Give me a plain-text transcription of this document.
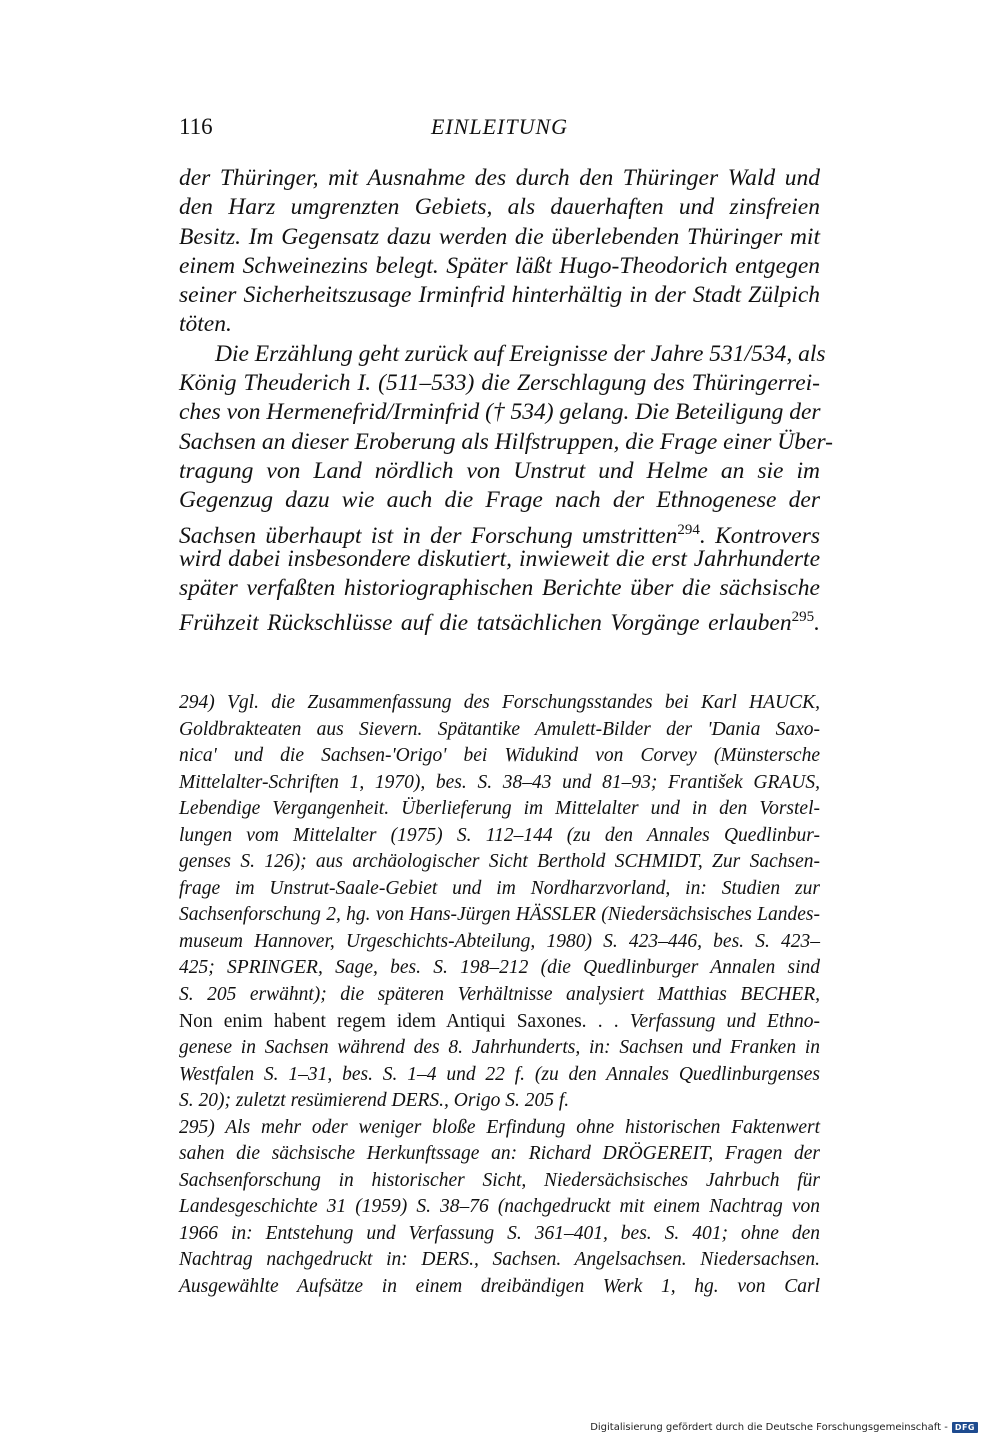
116	EINLEITUNG
der Thüringer, mit Ausnahme des durch den Thüringer Wald und
den Harz umgrenzten Gebiets, als dauerhaften und zinsfreien
Besitz. Im Gegensatz dazu werden die überlebenden Thüringer mit
einem Schweinezins belegt. Später läßt Hugo-Theodorich entgegen
seiner Sicherheitszusage Irminfrid hinterhältig in der Stadt Zülpich
töten.
Die Erzählung geht zurück auf Ereignisse der Jahre 531/534, als
König Theuderich I. (511–533) die Zerschlagung des Thüringerrei-
ches von Hermenefrid/Irminfrid († 534) gelang. Die Beteiligung der
Sachsen an dieser Eroberung als Hilfstruppen, die Frage einer Über-
tragung von Land nördlich von Unstrut und Helme an sie im
Gegenzug dazu wie auch die Frage nach der Ethnogenese der
Sachsen überhaupt ist in der Forschung umstritten$^{294}$. Kontrovers
wird dabei insbesondere diskutiert, inwieweit die erst Jahrhunderte
später verfaßten historiographischen Berichte über die sächsische
Frühzeit Rückschlüsse auf die tatsächlichen Vorgänge erlauben$^{295}$.
294) Vgl. die Zusammenfassung des Forschungsstandes bei Karl HAUCK,
Goldbrakteaten aus Sievern. Spätantike Amulett-Bilder der 'Dania Saxo-
nica' und die Sachsen-'Origo' bei Widukind von Corvey (Münstersche
Mittelalter-Schriften 1, 1970), bes. S. 38–43 und 81–93; František GRAUS,
Lebendige Vergangenheit. Überlieferung im Mittelalter und in den Vorstel-
lungen vom Mittelalter (1975) S. 112–144 (zu den Annales Quedlinbur-
genses S. 126); aus archäologischer Sicht Berthold SCHMIDT, Zur Sachsen-
frage im Unstrut-Saale-Gebiet und im Nordharzvorland, in: Studien zur
Sachsenforschung 2, hg. von Hans-Jürgen HÄSSLER (Niedersächsisches Landes-
museum Hannover, Urgeschichts-Abteilung, 1980) S. 423–446, bes. S. 423–
425; SPRINGER, Sage, bes. S. 198–212 (die Quedlinburger Annalen sind
S. 205 erwähnt); die späteren Verhältnisse analysiert Matthias BECHER,
Non enim habent regem idem Antiqui Saxones. . . Verfassung und Ethno-
genese in Sachsen während des 8. Jahrhunderts, in: Sachsen und Franken in
Westfalen S. 1–31, bes. S. 1–4 und 22 f. (zu den Annales Quedlinburgenses
S. 20); zuletzt resümierend DERS., Origo S. 205 f.
295) Als mehr oder weniger bloße Erfindung ohne historischen Faktenwert
sahen die sächsische Herkunftssage an: Richard DRÖGEREIT, Fragen der
Sachsenforschung in historischer Sicht, Niedersächsisches Jahrbuch für
Landesgeschichte 31 (1959) S. 38–76 (nachgedruckt mit einem Nachtrag von
1966 in: Entstehung und Verfassung S. 361–401, bes. S. 401; ohne den
Nachtrag nachgedruckt in: DERS., Sachsen. Angelsachsen. Niedersachsen.
Ausgewählte Aufsätze in einem dreibändigen Werk 1, hg. von Carl
Digitalisierung gefördert durch die Deutsche Forschungsgemeinschaft - DFG
